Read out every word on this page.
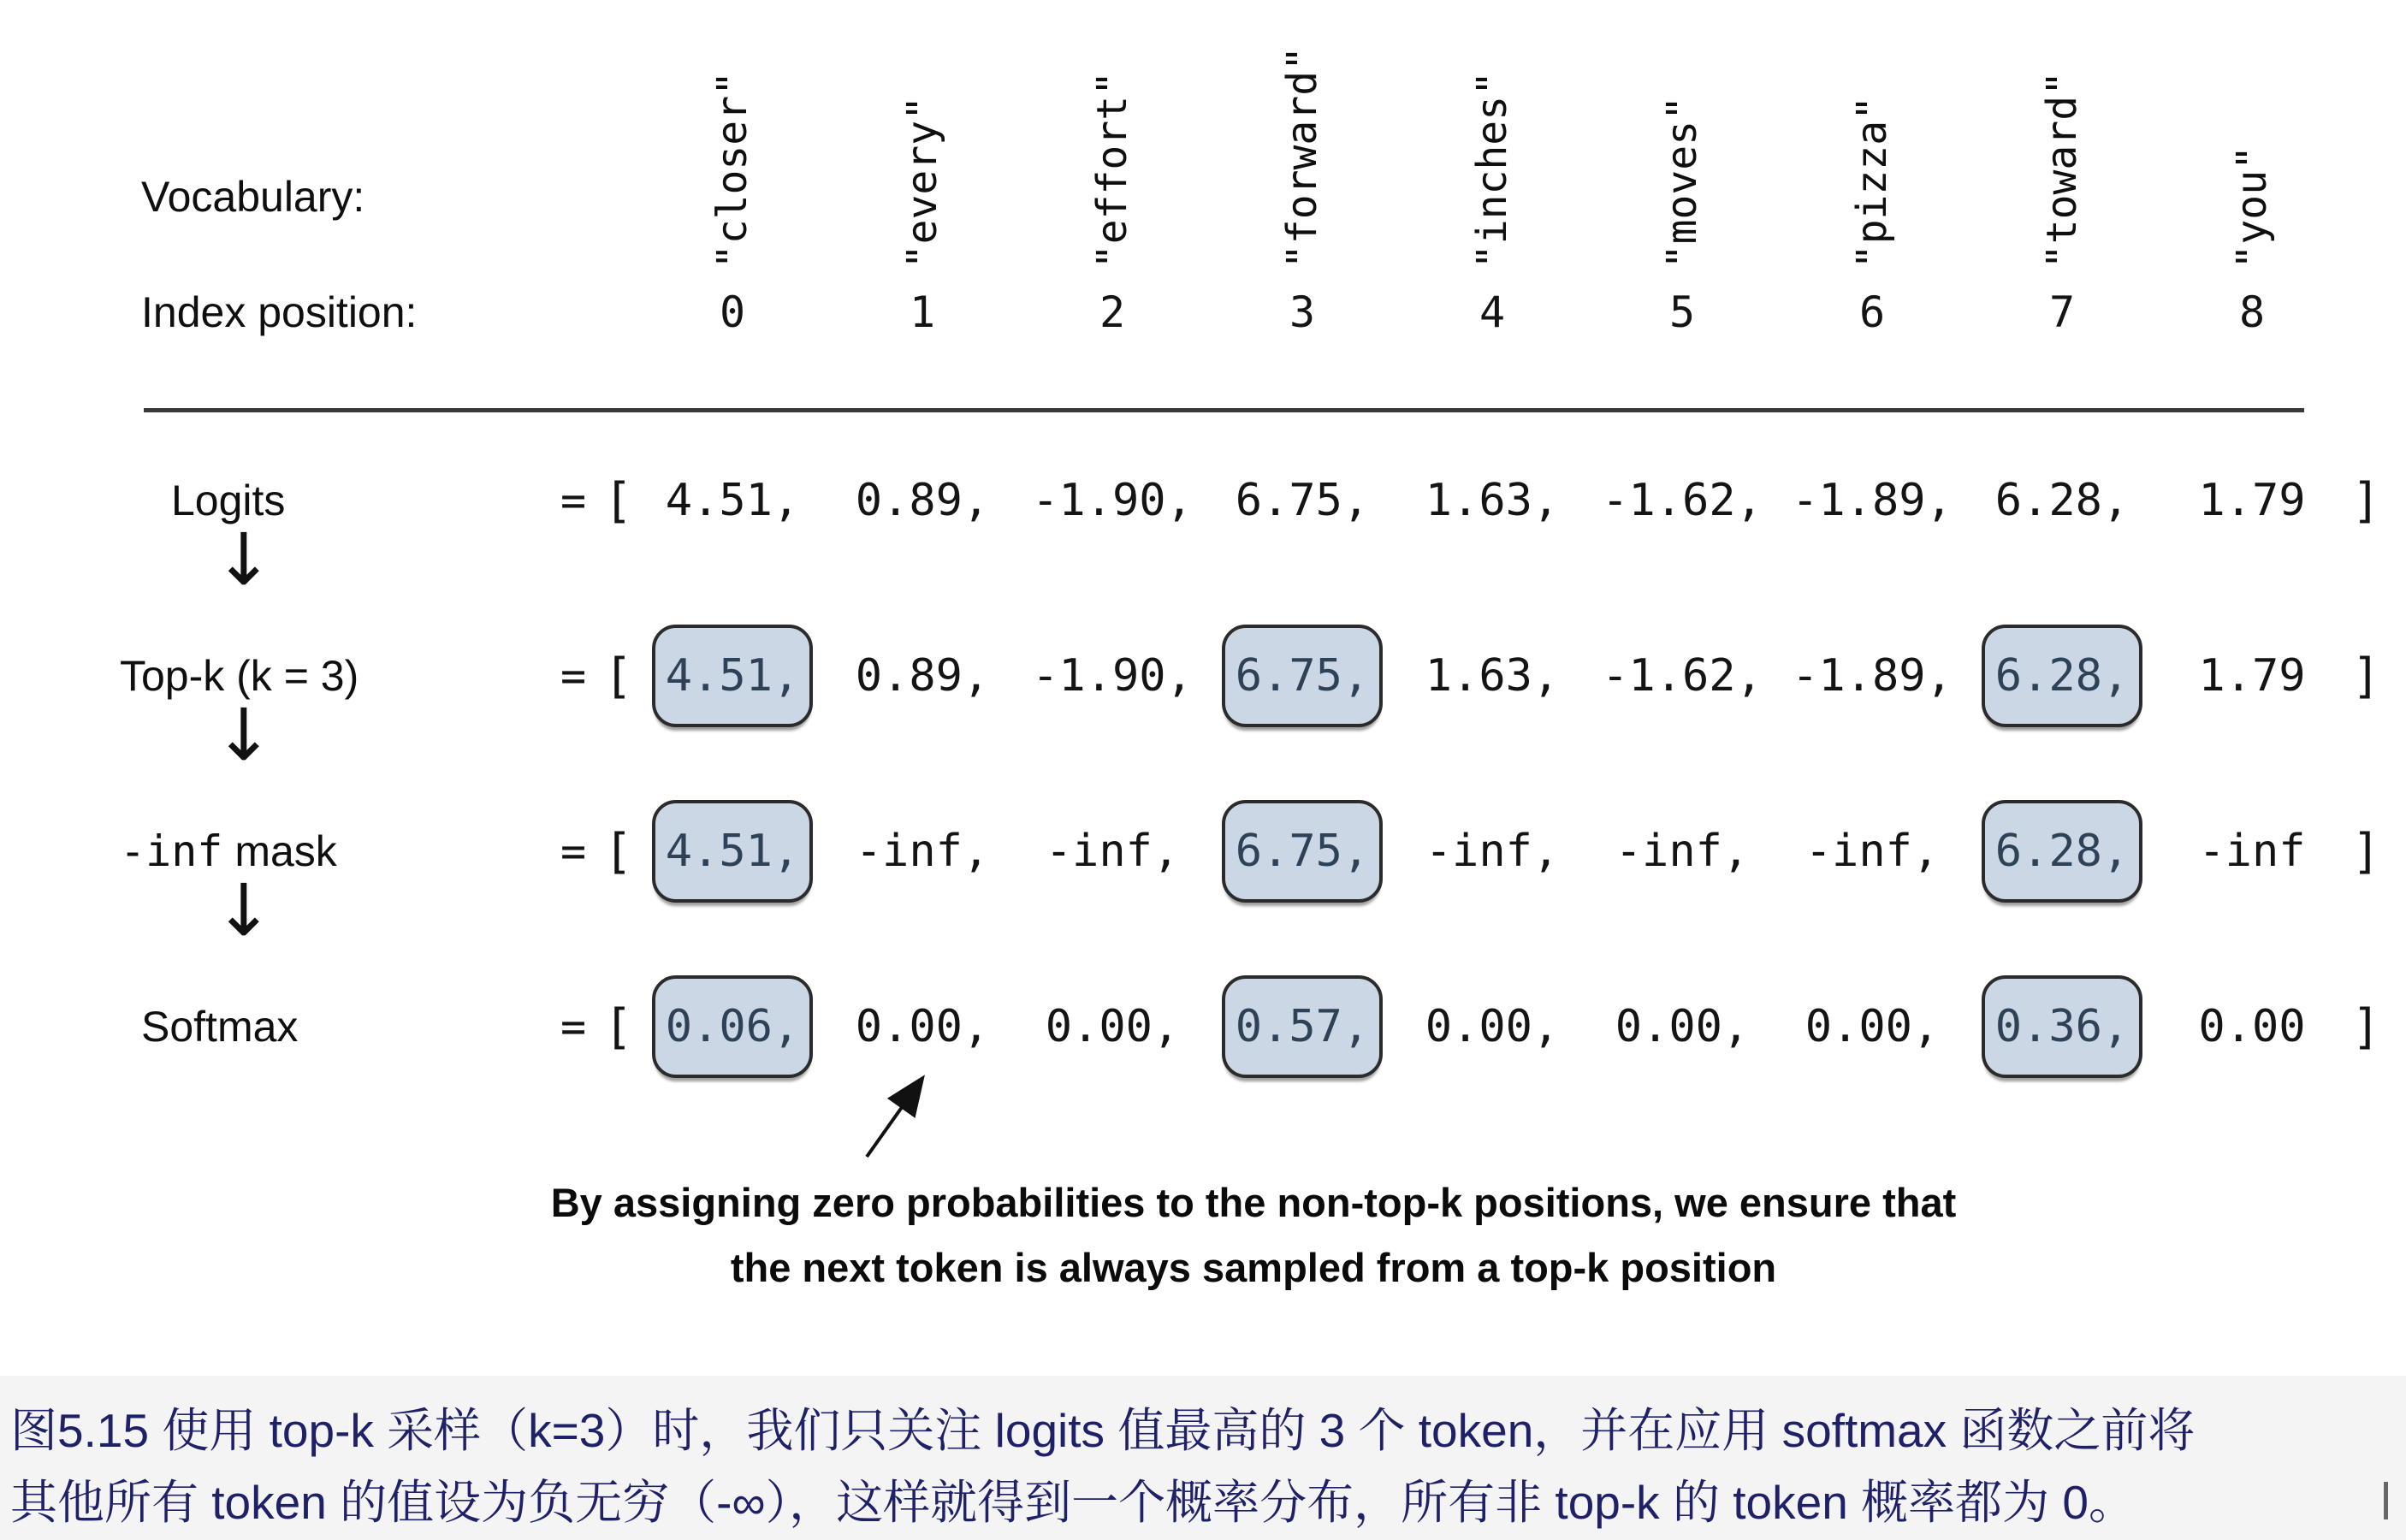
Vocabulary:
Index position:
"closer"	"every"	"effort"	"forward"	"inches"	"moves"	"pizza"	"toward"	"you"
0	1	2	3	4	5	6	7	8
Logits	= [ 4.51, 0.89, -1.90, 6.75, 1.63, -1.62, -1.89, 6.28, 1.79 ]
↓
Top-k (k = 3)	= [ 4.51,	0.89, -1.90, 6.75,	1.63, -1.62, -1.89, 6.28,	1.79 ]
↓
-inf mask	= [ 4.51,	-inf, -inf,	6.75,	-inf, -inf, -inf,	6.28,	-inf ]
↓
Softmax	= [ 0.06,	0.00, 0.00,	0.57,	0.00, 0.00, 0.00,	0.36,	0.00 ]
By assigning zero probabilities to the non-top-k positions, we ensure that
the next token is always sampled from a top-k position
图5.15 使用 top-k 采样（k=3）时，我们只关注 logits 值最高的 3 个 token，并在应用 softmax 函数之前将
其他所有 token 的值设为负无穷（-∞），这样就得到一个概率分布，所有非 top-k 的 token 概率都为 0。
